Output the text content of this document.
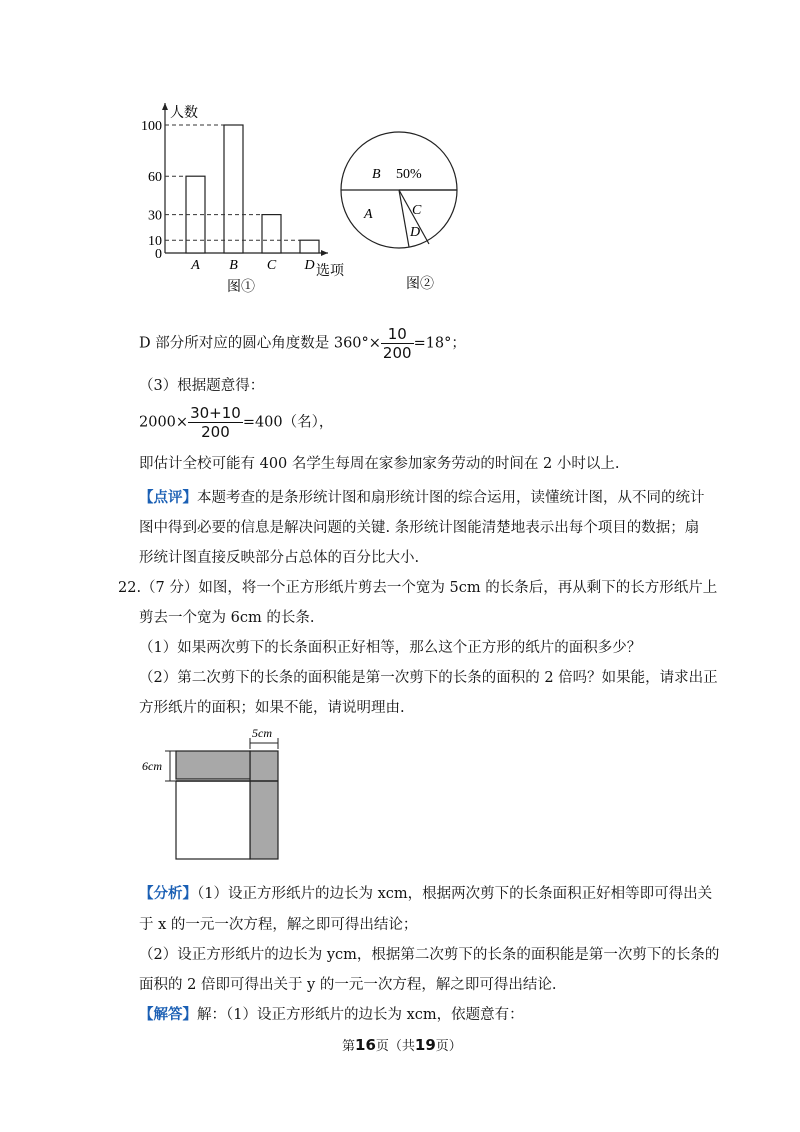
A B C D
100
60
30
10
0
人数
选项
图①
B 50%
A	C
D
图②
D 部分所对应的圆心角度数是 $360^\circ\times \frac{10}{200} =18^\circ$；
（3）根据题意得：
$2000\times \frac{30+10}{200} =400$（名），
即估计全校可能有 400 名学生每周在家参加家务劳动的时间在 2 小时以上.
【点评】本题考查的是条形统计图和扇形统计图的综合运用，读懂统计图，从不同的统计
图中得到必要的信息是解决问题的关键. 条形统计图能清楚地表示出每个项目的数据；扇
形统计图直接反映部分占总体的百分比大小.
22.（7 分）如图，将一个正方形纸片剪去一个宽为 5cm 的长条后，再从剩下的长方形纸片上
剪去一个宽为 6cm 的长条.
（1）如果两次剪下的长条面积正好相等，那么这个正方形的纸片的面积多少？
（2）第二次剪下的长条的面积能是第一次剪下的长条的面积的 2 倍吗？如果能，请求出正
方形纸片的面积；如果不能，请说明理由.
5cm
6cm
【分析】（1）设正方形纸片的边长为 xcm，根据两次剪下的长条面积正好相等即可得出关
于 x 的一元一次方程，解之即可得出结论；
（2）设正方形纸片的边长为 ycm，根据第二次剪下的长条的面积能是第一次剪下的长条的
面积的 2 倍即可得出关于 y 的一元一次方程，解之即可得出结论.
【解答】解：（1）设正方形纸片的边长为 xcm，依题意有：
第16页（共19页）
